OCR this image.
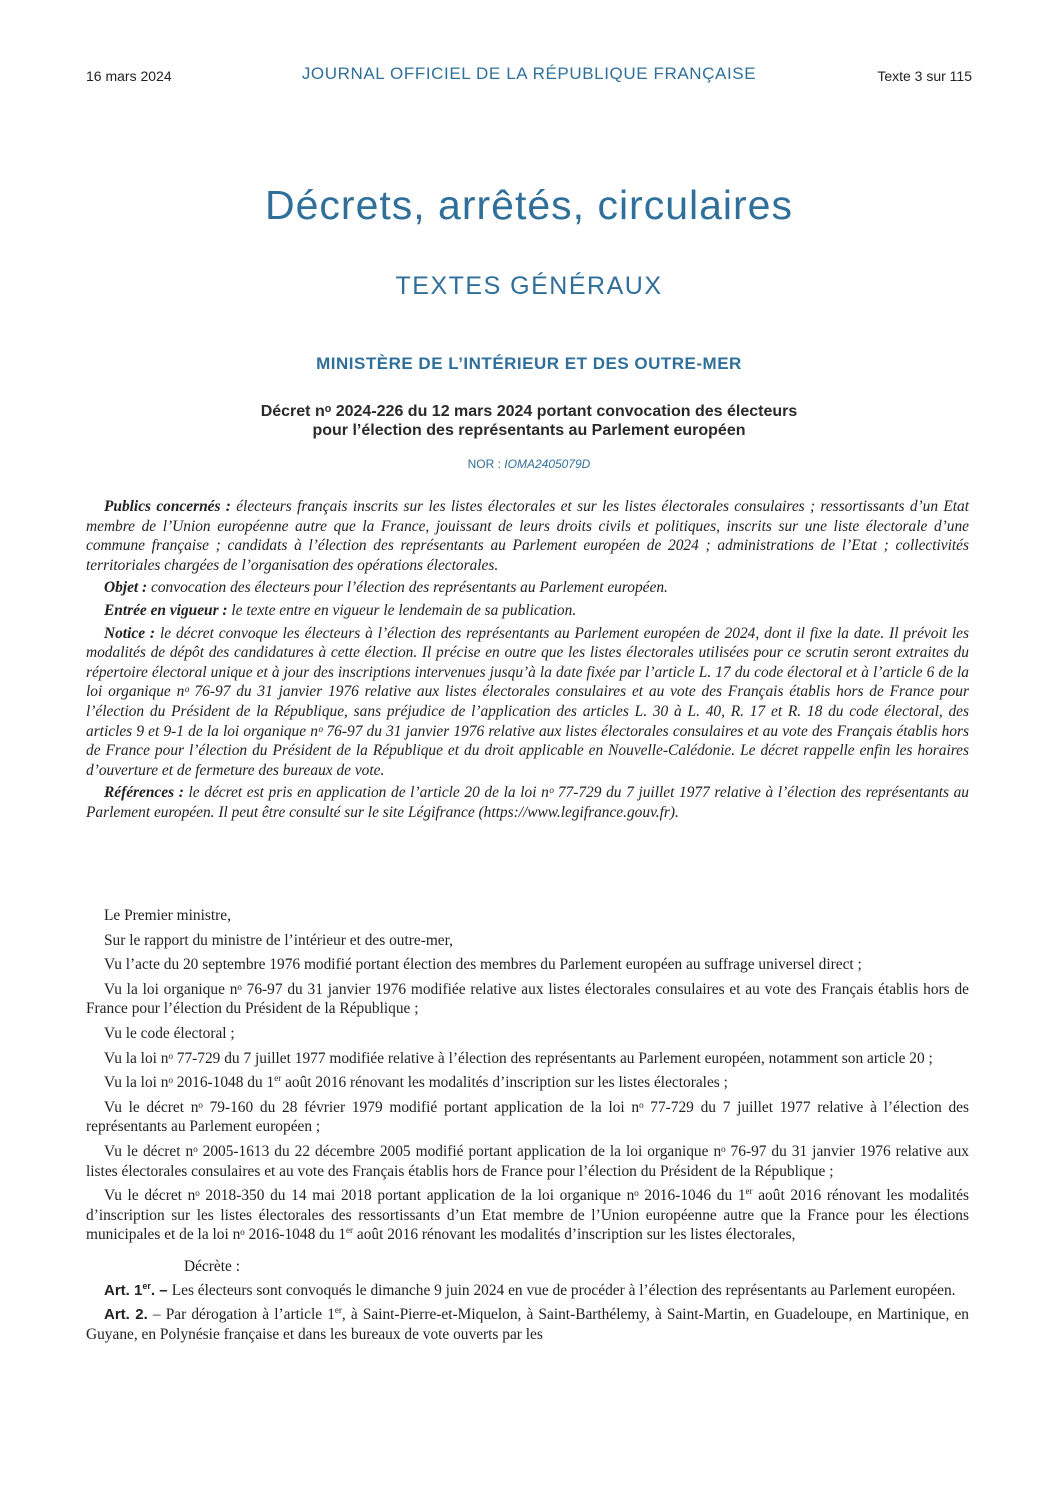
16 mars 2024	JOURNAL OFFICIEL DE LA RÉPUBLIQUE FRANÇAISE	Texte 3 sur 115
Décrets, arrêtés, circulaires
TEXTES GÉNÉRAUX
MINISTÈRE DE L’INTÉRIEUR ET DES OUTRE-MER
Décret nᵒ 2024-226 du 12 mars 2024 portant convocation des électeurs
pour l’élection des représentants au Parlement européen
NOR : IOMA2405079D

Publics concernés : électeurs français inscrits sur les listes électorales et sur les listes électorales consulaires ; ressortissants d’un Etat membre de l’Union européenne autre que la France, jouissant de leurs droits civils et politiques, inscrits sur une liste électorale d’une commune française ; candidats à l’élection des représentants au Parlement européen de 2024 ; administrations de l’Etat ; collectivités territoriales chargées de l’organisation des opérations électorales.

Objet : convocation des électeurs pour l’élection des représentants au Parlement européen.

Entrée en vigueur : le texte entre en vigueur le lendemain de sa publication.

Notice : le décret convoque les électeurs à l’élection des représentants au Parlement européen de 2024, dont il fixe la date. Il prévoit les modalités de dépôt des candidatures à cette élection. Il précise en outre que les listes électorales utilisées pour ce scrutin seront extraites du répertoire électoral unique et à jour des inscriptions intervenues jusqu’à la date fixée par l’article L. 17 du code électoral et à l’article 6 de la loi organique nᵒ 76-97 du 31 janvier 1976 relative aux listes électorales consulaires et au vote des Français établis hors de France pour l’élection du Président de la République, sans préjudice de l’application des articles L. 30 à L. 40, R. 17 et R. 18 du code électoral, des articles 9 et 9-1 de la loi organique nᵒ 76-97 du 31 janvier 1976 relative aux listes électorales consulaires et au vote des Français établis hors de France pour l’élection du Président de la République et du droit applicable en Nouvelle-Calédonie. Le décret rappelle enfin les horaires d’ouverture et de fermeture des bureaux de vote.

Références : le décret est pris en application de l’article 20 de la loi nᵒ 77-729 du 7 juillet 1977 relative à l’élection des représentants au Parlement européen. Il peut être consulté sur le site Légifrance (https://www.legifrance.gouv.fr).

Le Premier ministre,

Sur le rapport du ministre de l’intérieur et des outre-mer,

Vu l’acte du 20 septembre 1976 modifié portant élection des membres du Parlement européen au suffrage universel direct ;

Vu la loi organique nᵒ 76-97 du 31 janvier 1976 modifiée relative aux listes électorales consulaires et au vote des Français établis hors de France pour l’élection du Président de la République ;

Vu le code électoral ;

Vu la loi nᵒ 77-729 du 7 juillet 1977 modifiée relative à l’élection des représentants au Parlement européen, notamment son article 20 ;

Vu la loi nᵒ 2016-1048 du 1er août 2016 rénovant les modalités d’inscription sur les listes électorales ;

Vu le décret nᵒ 79-160 du 28 février 1979 modifié portant application de la loi nᵒ 77-729 du 7 juillet 1977 relative à l’élection des représentants au Parlement européen ;

Vu le décret nᵒ 2005-1613 du 22 décembre 2005 modifié portant application de la loi organique nᵒ 76-97 du 31 janvier 1976 relative aux listes électorales consulaires et au vote des Français établis hors de France pour l’élection du Président de la République ;

Vu le décret nᵒ 2018-350 du 14 mai 2018 portant application de la loi organique nᵒ 2016-1046 du 1er août 2016 rénovant les modalités d’inscription sur les listes électorales des ressortissants d’un Etat membre de l’Union européenne autre que la France pour les élections municipales et de la loi nᵒ 2016-1048 du 1er août 2016 rénovant les modalités d’inscription sur les listes électorales,

Décrète :

Art. 1er. – Les électeurs sont convoqués le dimanche 9 juin 2024 en vue de procéder à l’élection des représentants au Parlement européen.

Art. 2. – Par dérogation à l’article 1er, à Saint-Pierre-et-Miquelon, à Saint-Barthélemy, à Saint-Martin, en Guadeloupe, en Martinique, en Guyane, en Polynésie française et dans les bureaux de vote ouverts par les
